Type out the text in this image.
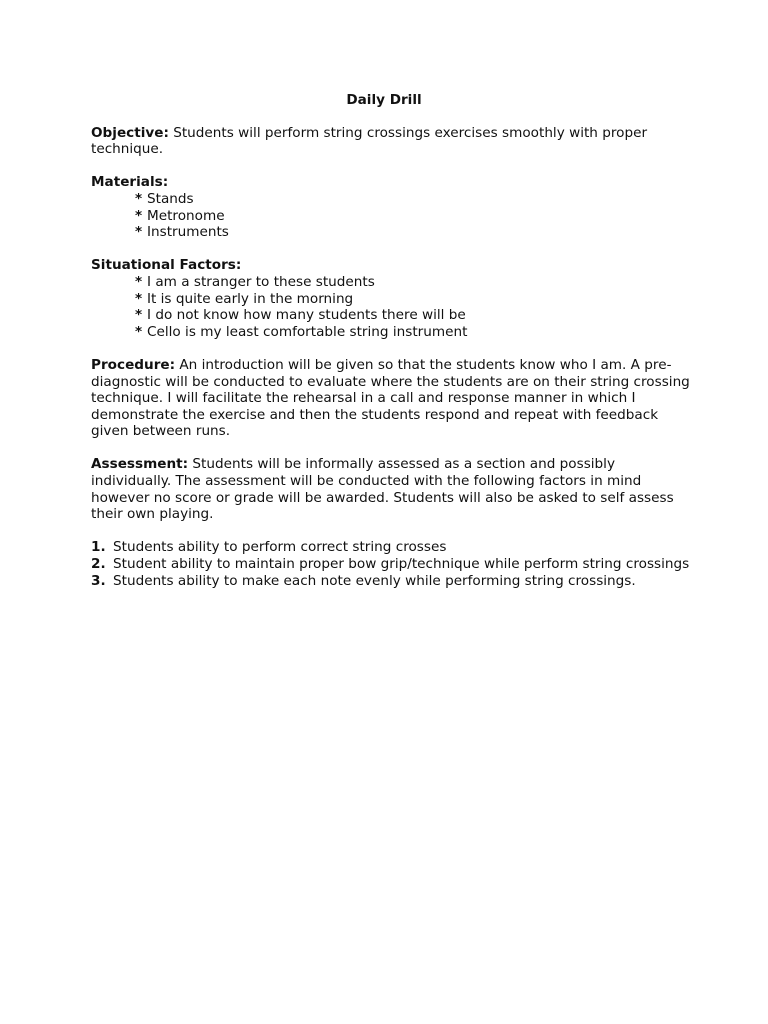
Daily Drill
Objective: Students will perform string crossings exercises smoothly with proper technique.
Materials:
* Stands
* Metronome
* Instruments
Situational Factors:
* I am a stranger to these students
* It is quite early in the morning
* I do not know how many students there will be
* Cello is my least comfortable string instrument
Procedure: An introduction will be given so that the students know who I am. A pre-diagnostic will be conducted to evaluate where the students are on their string crossing technique. I will facilitate the rehearsal in a call and response manner in which I demonstrate the exercise and then the students respond and repeat with feedback given between runs.
Assessment: Students will be informally assessed as a section and possibly individually. The assessment will be conducted with the following factors in mind however no score or grade will be awarded. Students will also be asked to self assess their own playing.
1. Students ability to perform correct string crosses
2. Student ability to maintain proper bow grip/technique while perform string crossings
3. Students ability to make each note evenly while performing string crossings.
